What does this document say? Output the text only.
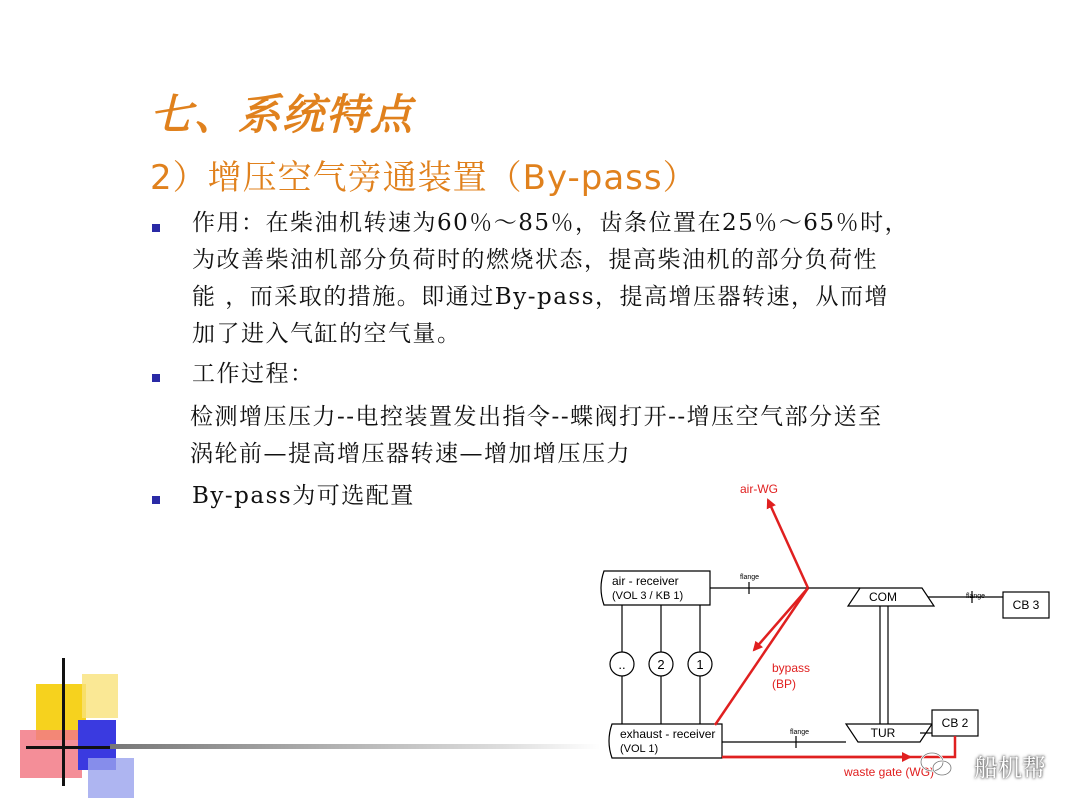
七、系统特点
2）增压空气旁通装置（By-pass）
作用：在柴油机转速为60％～85％，齿条位置在25％～65％时，
为改善柴油机部分负荷时的燃烧状态，提高柴油机的部分负荷性
能 ，而采取的措施。即通过By-pass，提高增压器转速，从而增
加了进入气缸的空气量。
工作过程：
检测增压压力--电控装置发出指令--蝶阀打开--增压空气部分送至
涡轮前—提高增压器转速—增加增压压力
By-pass为可选配置
air - receiver
(VOL 3 / KB 1)
exhaust - receiver
(VOL 1)
.. 2 1
flange
flange
COM
TUR
flange
CB 3
CB 2
air-WG
bypass
(BP)
waste gate (WG) 船机帮
